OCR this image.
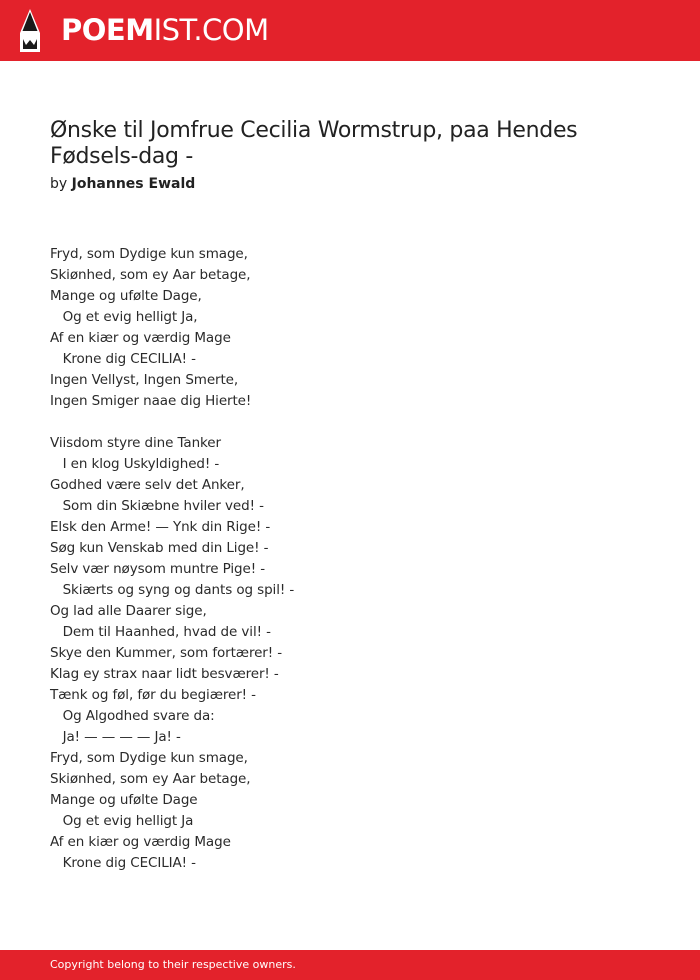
POEMIST.COM
Ønske til Jomfrue Cecilia Wormstrup, paa Hendes Fødsels-dag -
by Johannes Ewald
Fryd, som Dydige kun smage,
Skiønhed, som ey Aar betage,
Mange og ufølte Dage,
Og et evig helligt Ja,
Af en kiær og værdig Mage
Krone dig CECILIA! -
Ingen Vellyst, Ingen Smerte,
Ingen Smiger naae dig Hierte!
Viisdom styre dine Tanker
I en klog Uskyldighed! -
Godhed være selv det Anker,
Som din Skiæbne hviler ved! -
Elsk den Arme! — Ynk din Rige! -
Søg kun Venskab med din Lige! -
Selv vær nøysom muntre Pige! -
Skiærts og syng og dants og spil! -
Og lad alle Daarer sige,
Dem til Haanhed, hvad de vil! -
Skye den Kummer, som fortærer! -
Klag ey strax naar lidt besværer! -
Tænk og føl, før du begiærer! -
Og Algodhed svare da:
Ja! — — — — Ja! -
Fryd, som Dydige kun smage,
Skiønhed, som ey Aar betage,
Mange og ufølte Dage
Og et evig helligt Ja
Af en kiær og værdig Mage
Krone dig CECILIA! -
Copyright belong to their respective owners.
